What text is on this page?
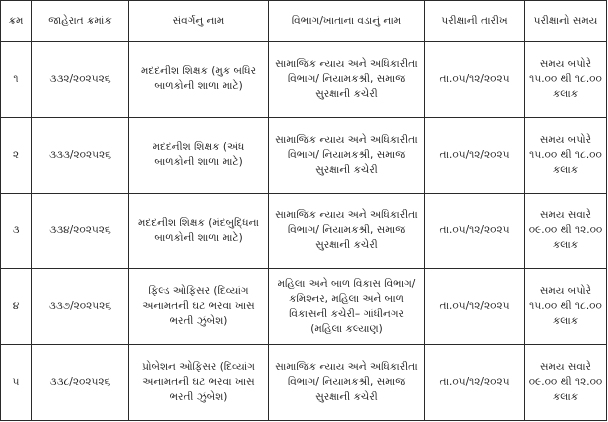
ક્રમ	જાહેરાત ક્રમાંક	સંવર્ગનુ નામ	વિભાગ/ખાતાના વડાનું નામ	પરીક્ષાની તારીખ	પરીક્ષાનો સમય
૧	૩૩૨/૨૦૨૫૨૬	મદદનીશ શિક્ષક (મુક બધિર બાળકોની શાળા માટે)	સામાજિક ન્યાય અને અધિકારીતા વિભાગ/ નિયામકશ્રી, સમાજ સુરક્ષાની કચેરી	તા.૦૫/૧૨/૨૦૨૫	સમય બપોરે ૧૫.૦૦ થી ૧૮.૦૦ કલાક
૨	૩૩૩/૨૦૨૫૨૬	મદદનીશ શિક્ષક (અંધ બાળકોની શાળા માટે)	સામાજિક ન્યાય અને અધિકારીતા વિભાગ/ નિયામકશ્રી, સમાજ સુરક્ષાની કચેરી	તા.૦૫/૧૨/૨૦૨૫	સમય બપોરે ૧૫.૦૦ થી ૧૮.૦૦ કલાક
૩	૩૩૪/૨૦૨૫૨૬	મદદનીશ શિક્ષક (મંદબુદ્ધિના બાળકોની શાળા માટે)	સામાજિક ન્યાય અને અધિકારીતા વિભાગ/ નિયામકશ્રી, સમાજ સુરક્ષાની કચેરી	તા.૦૫/૧૨/૨૦૨૫	સમય સવારે ૦૯.૦૦ થી ૧૨.૦૦ કલાક
૪	૩૩૭/૨૦૨૫૨૬	ફિલ્ડ ઓફિસર (દિવ્યાંગ અનામતની ઘટ ભરવા ખાસ ભરતી ઝુંબેશ)	મહિલા અને બાળ વિકાસ વિભાગ/ કમિશ્નર, મહિલા અને બાળ વિકાસની કચેરી– ગાંધીનગર (મહિલા કલ્યાણ)	તા.૦૫/૧૨/૨૦૨૫	સમય બપોરે ૧૫.૦૦ થી ૧૮.૦૦ કલાક
૫	૩૩૮/૨૦૨૫૨૬	પ્રોબેશન ઓફિસર (દિવ્યાંગ અનામતની ઘટ ભરવા ખાસ ભરતી ઝુંબેશ)	સામાજિક ન્યાય અને અધિકારીતા વિભાગ/ નિયામકશ્રી, સમાજ સુરક્ષાની કચેરી	તા.૦૫/૧૨/૨૦૨૫	સમય સવારે ૦૯.૦૦ થી ૧૨.૦૦ કલાક
